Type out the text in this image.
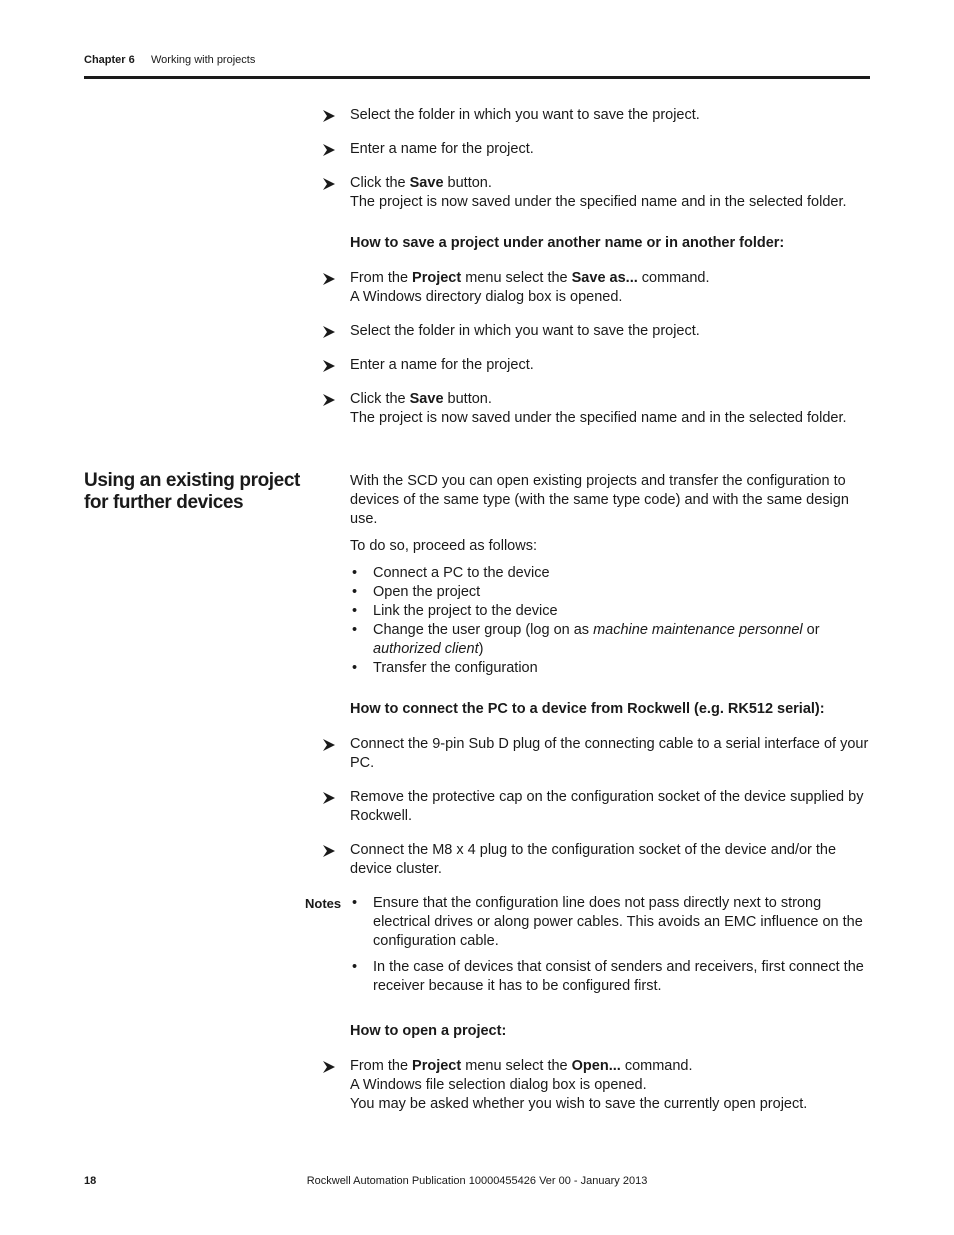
Chapter 6 Working with projects
Using an existing project for further devices
Select the folder in which you want to save the project.
Enter a name for the project.
Click the Save button.
The project is now saved under the specified name and in the selected folder.
How to save a project under another name or in another folder:
From the Project menu select the Save as... command.
A Windows directory dialog box is opened.
Select the folder in which you want to save the project.
Enter a name for the project.
Click the Save button.
The project is now saved under the specified name and in the selected folder.
With the SCD you can open existing projects and transfer the configuration to devices of the same type (with the same type code) and with the same design use.
To do so, proceed as follows:
• Connect a PC to the device
• Open the project
• Link the project to the device
• Change the user group (log on as machine maintenance personnel or authorized client)
• Transfer the configuration
How to connect the PC to a device from Rockwell (e.g. RK512 serial):
Connect the 9-pin Sub D plug of the connecting cable to a serial interface of your PC.
Remove the protective cap on the configuration socket of the device supplied by Rockwell.
Connect the M8 x 4 plug to the configuration socket of the device and/or the device cluster.
Notes
•	Ensure that the configuration line does not pass directly next to strong electrical drives or along power cables. This avoids an EMC influence on the configuration cable.
• In the case of devices that consist of senders and receivers, first connect the receiver because it has to be configured first.
How to open a project:
From the Project menu select the Open... command.
A Windows file selection dialog box is opened.
You may be asked whether you wish to save the currently open project.
18	Rockwell Automation Publication 10000455426 Ver 00 - January 2013
